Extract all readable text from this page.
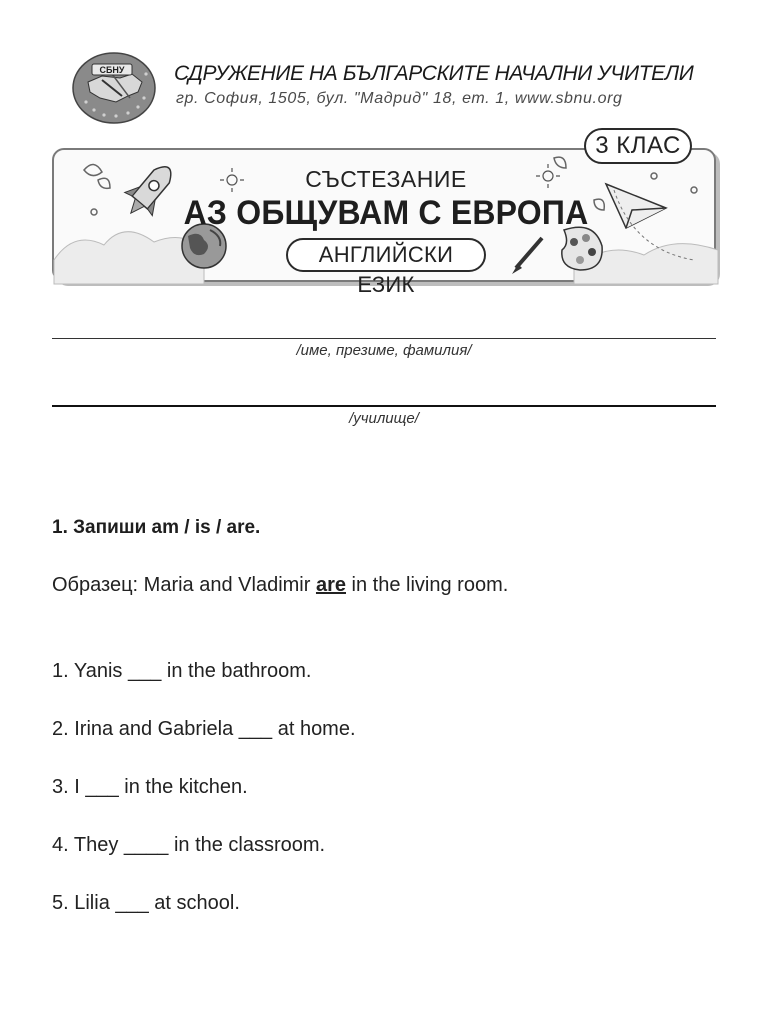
СБНУ СДРУЖЕНИЕ НА БЪЛГАРСКИТЕ НАЧАЛНИ УЧИТЕЛИ
гр. София, 1505, бул. "Мадрид" 18, ет. 1, www.sbnu.org
СЪСТЕЗАНИЕ
АЗ ОБЩУВАМ С ЕВРОПА
АНГЛИЙСКИ ЕЗИК
3 КЛАС
/име, презиме, фамилия/
/училище/
1. Запиши am / is / are.
Образец: Maria and Vladimir are in the living room.
1. Yanis ___ in the bathroom.
2. Irina and Gabriela ___ at home.
3. I ___ in the kitchen.
4. They ____ in the classroom.
5. Lilia ___ at school.
